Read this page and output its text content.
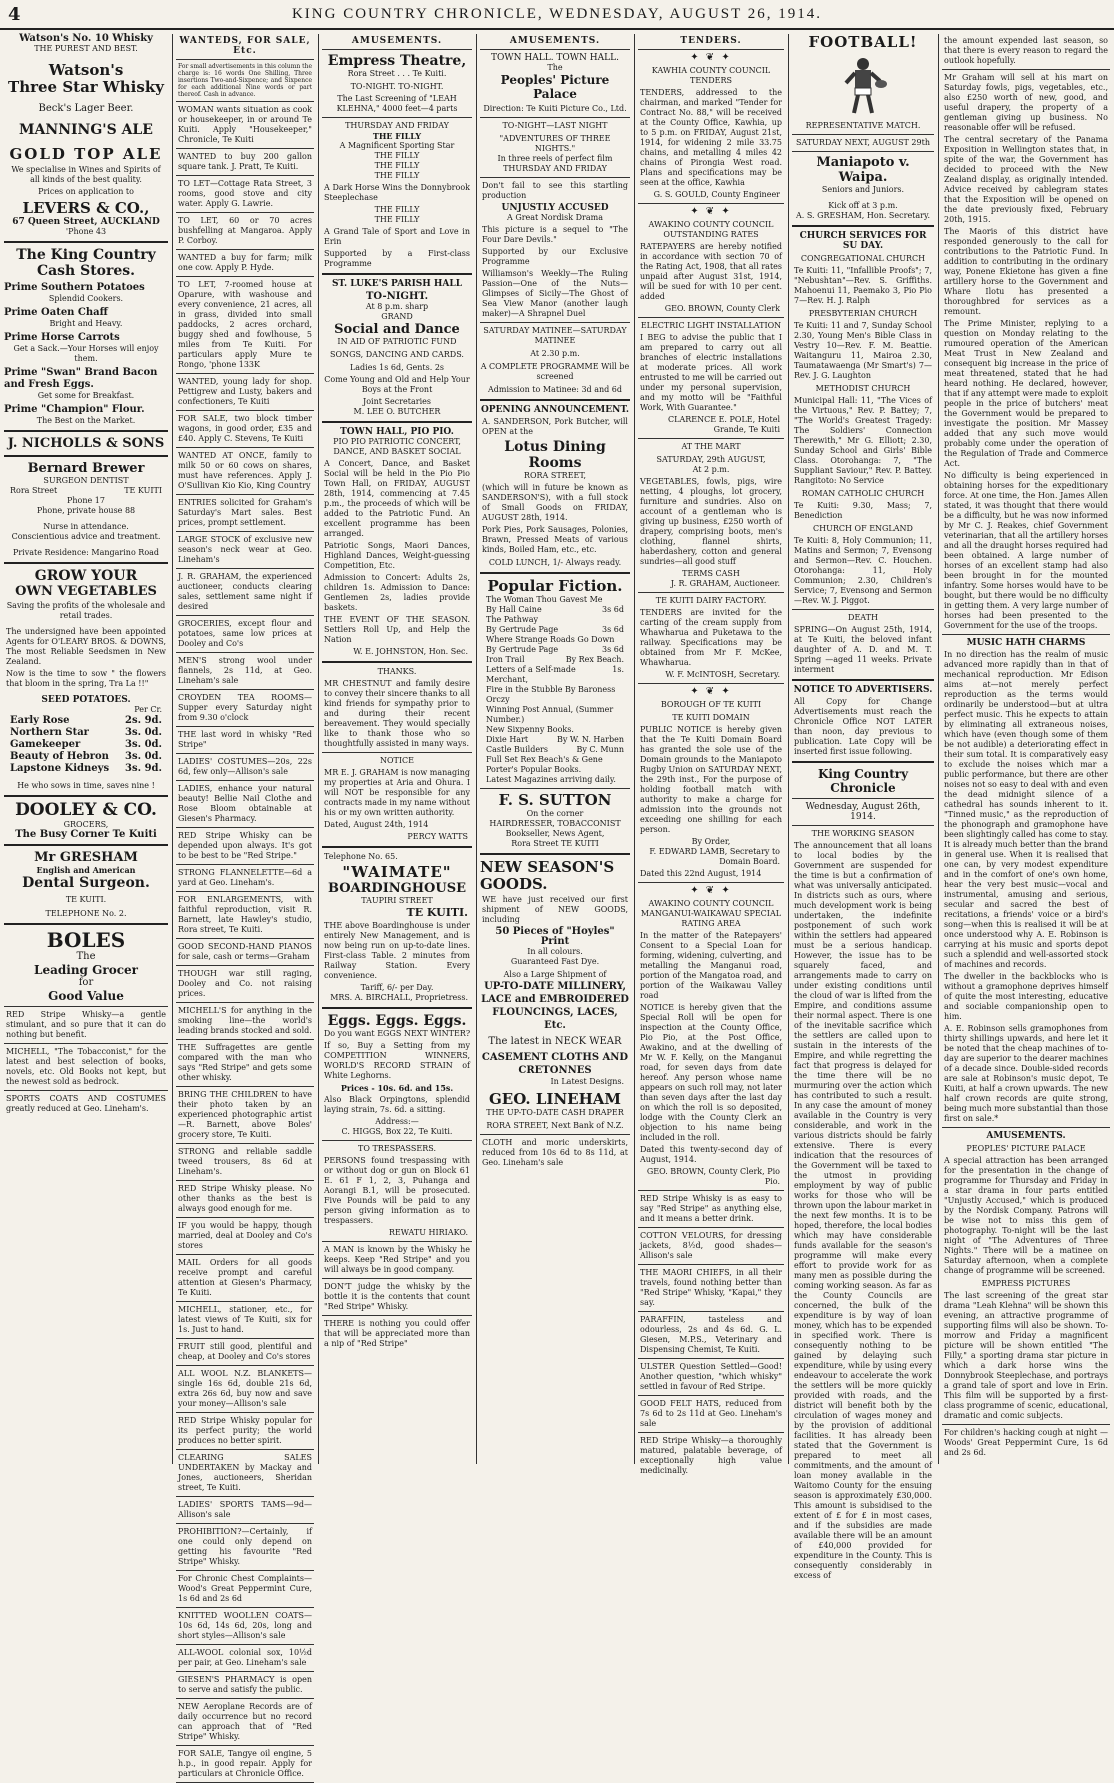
4	KING COUNTRY CHRONICLE, WEDNESDAY, AUGUST 26, 1914.
Watson's No. 10 Whisky
THE PUREST AND BEST.
Watson's
Three Star Whisky
Beck's Lager Beer.
MANNING'S ALE
GOLD TOP ALE
We specialise in Wines and Spirits of all kinds of the best quality.
Prices on application to
LEVERS & CO.,
67 Queen Street, AUCKLAND
'Phone 43
The King Country
Cash Stores.
Prime Southern Potatoes
Splendid Cookers.
Prime Oaten Chaff
Bright and Heavy.
Prime Horse Carrots
Get a Sack.—Your Horses will enjoy them.
Prime "Swan" Brand Bacon and Fresh Eggs.
Get some for Breakfast.
Prime "Champion" Flour.
The Best on the Market.
J. NICHOLLS & SONS
Bernard Brewer
SURGEON DENTIST
Rora Street	TE KUITI
Phone 17
Phone, private house 88
Nurse in attendance.
Conscientious advice and treatment.
Private Residence: Mangarino Road
GROW YOUR
OWN VEGETABLES
Saving the profits of the wholesale and retail trades.
The undersigned have been appointed Agents for O'LEARY BROS. & DOWNS, The most Reliable Seedsmen in New Zealand.
Now is the time to sow " the flowers that bloom in the spring, Tra La !!"
SEED POTATOES.
Per Cr.
Early Rose	2s. 9d.
Northern Star	3s. 0d.
Gamekeeper	3s. 0d.
Beauty of Hebron 3s. 0d.
Lapstone Kidneys 3s. 9d.
He who sows in time, saves nine !
DOOLEY & CO.
GROCERS,
The Busy Corner Te Kuiti
Mr GRESHAM
English and American
Dental Surgeon.
TE KUITI.
TELEPHONE No. 2.
BOLES
The
Leading Grocer
for
Good Value
RED Stripe Whisky—a gentle stimulant, and so pure that it can do nothing but benefit.
MICHELL, "The Tobacconist," for the latest and best selection of books, novels, etc. Old Books not kept, but the newest sold as bedrock.
SPORTS COATS AND COSTUMES greatly reduced at Geo. Lineham's.
WANTEDS, FOR SALE, Etc.
For small advertisements in this column the charge is: 16 words One Shilling, Three insertions Two-and-Sixpence; and Sixpence for each additional Nine words or part thereof. Cash in advance.
WOMAN wants situation as cook or housekeeper, in or around Te Kuiti. Apply "Housekeeper," Chronicle, Te Kuiti
WANTED to buy 200 gallon square tank. J. Pratt, Te Kuiti.
TO LET—Cottage Rata Street, 3 rooms, good stove and city water. Apply G. Lawrie.
TO LET, 60 or 70 acres bushfelling at Mangaroa. Apply P. Corboy.
WANTED a buy for farm; milk one cow. Apply P. Hyde.
TO LET, 7-roomed house at Oparure, with washouse and every convenience, 21 acres, all in grass, divided into small paddocks, 2 acres orchard, buggy shed and fowlhouse, 5 miles from Te Kuiti. For particulars apply Mure te Rongo, 'phone 133K
WANTED, young lady for shop. Pettigrew and Lusty, bakers and confectioners, Te Kuiti
FOR SALE, two block timber wagons, in good order, £35 and £40. Apply C. Stevens, Te Kuiti
WANTED AT ONCE, family to milk 50 or 60 cows on shares, must have references. Apply J. O'Sullivan Kio Kio, King Country
ENTRIES solicited for Graham's Saturday's Mart sales. Best prices, prompt settlement.
LARGE STOCK of exclusive new season's neck wear at Geo. Lineham's
J. R. GRAHAM, the experienced auctioneer, conducts clearing sales, settlement same night if desired
GROCERIES, except flour and potatoes, same low prices at Dooley and Co's
MEN'S strong wool under flannels, 2s 11d, at Geo. Lineham's sale
CROYDEN TEA ROOMS—Supper every Saturday night from 9.30 o'clock
THE last word in whisky "Red Stripe"
LADIES' COSTUMES—20s, 22s 6d, few only—Allison's sale
LADIES, enhance your natural beauty! Bellie Nail Clothe and Rose Bloom obtainable at Giesen's Pharmacy.
RED Stripe Whisky can be depended upon always. It's got to be best to be "Red Stripe."
STRONG FLANNELETTE—6d a yard at Geo. Lineham's.
FOR ENLARGEMENTS, with faithful reproduction, visit R. Barnett, late Hawley's studio, Rora street, Te Kuiti.
GOOD SECOND-HAND PIANOS for sale, cash or terms—Graham
THOUGH war still raging, Dooley and Co. not raising prices.
MICHELL'S for anything in the smoking line—the world's leading brands stocked and sold.
THE Suffragettes are gentle compared with the man who says "Red Stripe" and gets some other whisky.
BRING THE CHILDREN to have their photo taken by an experienced photographic artist—R. Barnett, above Boles' grocery store, Te Kuiti.
STRONG and reliable saddle tweed trousers, 8s 6d at Lineham's.
RED Stripe Whisky please. No other thanks as the best is always good enough for me.
IF you would be happy, though married, deal at Dooley and Co's stores
MAIL Orders for all goods receive prompt and careful attention at Giesen's Pharmacy, Te Kuiti.
MICHELL, stationer, etc., for latest views of Te Kuiti, six for 1s. Just to hand.
FRUIT still good, plentiful and cheap, at Dooley and Co's stores
ALL WOOL N.Z. BLANKETS—single 16s 6d, double 21s 6d, extra 26s 6d, buy now and save your money—Allison's sale
RED Stripe Whisky popular for its perfect purity; the world produces no better spirit.
CLEARING SALES UNDERTAKEN by Mackay and Jones, auctioneers, Sheridan street, Te Kuiti.
LADIES' SPORTS TAMS—9d—Allison's sale
PROHIBITION?—Certainly, if one could only depend on getting his favourite "Red Stripe" Whisky.
For Chronic Chest Complaints—Wood's Great Peppermint Cure, 1s 6d and 2s 6d
KNITTED WOOLLEN COATS—10s 6d, 14s 6d, 20s, long and short styles—Allison's sale
ALL-WOOL colonial sox, 10½d per pair, at Geo. Lineham's sale
GIESEN'S PHARMACY is open to serve and satisfy the public.
NEW Aeroplane Records are of daily occurrence but no record can approach that of "Red Stripe" Whisky.
FOR SALE, Tangye oil engine, 5 h.p., in good repair. Apply for particulars at Chronicle Office.
AMUSEMENTS.
Empress Theatre,
Rora Street . . . Te Kuiti.
TO-NIGHT. TO-NIGHT.
The Last Screening of "LEAH KLEHNA," 4000 feet—4 parts
THURSDAY AND FRIDAY
THE FILLY
A Magnificent Sporting Star
THE FILLY
THE FILLY
THE FILLY
A Dark Horse Wins the Donnybrook Steeplechase
THE FILLY
THE FILLY
A Grand Tale of Sport and Love in Erin
Supported by a First-class Programme
ST. LUKE'S PARISH HALL
TO-NIGHT.
At 8 p.m. sharp
GRAND
Social and Dance
IN AID OF PATRIOTIC FUND
SONGS, DANCING AND CARDS.
Ladies 1s 6d, Gents. 2s
Come Young and Old and Help Your Boys at the Front
Joint Secretaries
M. LEE O. BUTCHER
TOWN HALL, PIO PIO.
PIO PIO PATRIOTIC CONCERT, DANCE, AND BASKET SOCIAL
A Concert, Dance, and Basket Social will be held in the Pio Pio Town Hall, on FRIDAY, AUGUST 28th, 1914, commencing at 7.45 p.m., the proceeds of which will be added to the Patriotic Fund. An excellent programme has been arranged.
Patriotic Songs, Maori Dances, Highland Dances, Weight-guessing Competition, Etc.
Admission to Concert: Adults 2s, children 1s. Admission to Dance: Gentlemen 2s, ladies provide baskets.
THE EVENT OF THE SEASON. Settlers Roll Up, and Help the Nation
W. E. JOHNSTON, Hon. Sec.
THANKS.
MR CHESTNUT and family desire to convey their sincere thanks to all kind friends for sympathy prior to and during their recent bereavement. They would specially like to thank those who so thoughtfully assisted in many ways.
NOTICE
MR E. J. GRAHAM is now managing my properties at Aria and Ohura. I will NOT be responsible for any contracts made in my name without his or my own written authority.
Dated, August 24th, 1914
PERCY WATTS
Telephone No. 65.
"WAIMATE"
BOARDINGHOUSE
TAUPIRI STREET
TE KUITI.
THE above Boardinghouse is under entirely New Management, and is now being run on up-to-date lines. First-class Table. 2 minutes from Railway Station. Every convenience.
Tariff, 6/- per Day.
MRS. A. BIRCHALL, Proprietress.
Eggs. Eggs. Eggs.
Do you want EGGS NEXT WINTER?
If so, Buy a Setting from my COMPETITION WINNERS, WORLD'S RECORD STRAIN of White Leghorns.
Prices - 10s. 6d. and 15s.
Also Black Orpingtons, splendid laying strain, 7s. 6d. a sitting.
Address:—
C. HIGGS, Box 22, Te Kuiti.
TO TRESPASSERS.
PERSONS found trespassing with or without dog or gun on Block 61 E. 61 F 1, 2, 3, Puhanga and Aorangi B.1, will be prosecuted. Five Pounds will be paid to any person giving information as to trespassers.
REWATU HIRIAKO.
A MAN is known by the Whisky he keeps. Keep "Red Stripe" and you will always be in good company.
DON'T judge the whisky by the bottle it is the contents that count "Red Stripe" Whisky.
THERE is nothing you could offer that will be appreciated more than a nip of "Red Stripe"
AMUSEMENTS.
TOWN HALL. TOWN HALL.
The
Peoples' Picture Palace
Direction: Te Kuiti Picture Co., Ltd.
TO-NIGHT—LAST NIGHT
"ADVENTURES OF THREE NIGHTS."
In three reels of perfect film
THURSDAY AND FRIDAY
Don't fail to see this startling production
UNJUSTLY ACCUSED
A Great Nordisk Drama
This picture is a sequel to "The Four Dare Devils."
Supported by our Exclusive Programme
Williamson's Weekly—The Ruling Passion—One of the Nuts—Glimpses of Sicily—The Ghost of Sea View Manor (another laugh maker)—A Shrapnel Duel
SATURDAY MATINEE—SATURDAY MATINEE
At 2.30 p.m.
A COMPLETE PROGRAMME Will be screened
Admission to Matinee: 3d and 6d
OPENING ANNOUNCEMENT.
A. SANDERSON, Pork Butcher, will OPEN at the
Lotus Dining Rooms
RORA STREET,
(which will in future be known as SANDERSON'S), with a full stock of Small Goods on FRIDAY, AUGUST 28th, 1914.
Pork Pies, Pork Sausages, Polonies, Brawn, Pressed Meats of various kinds, Boiled Ham, etc., etc.
COLD LUNCH, 1/- Always ready.
Popular Fiction.
The Woman Thou Gavest Me
By Hall Caine	3s 6d
The Pathway
By Gertrude Page	3s 6d
Where Strange Roads Go Down
By Gertrude Page	3s 6d
Iron Trail	By Rex Beach.
Letters of a Self-made Merchant,
1s.
Fire in the Stubble By Baroness Orczy
Winning Post Annual, (Summer Number.)
New Sixpenny Books.
Dixie Hart	By W. N. Harben
Castle Builders	By C. Munn
Full Set Rex Beach's & Gene Porter's Popular Books.
Latest Magazines arriving daily.
F. S. SUTTON
On the corner
HAIRDRESSER, TOBACCONIST
Bookseller, News Agent,
Rora Street TE KUITI
NEW SEASON'S
GOODS.
WE have just received our first shipment of NEW GOODS, including
50 Pieces of "Hoyles" Print
In all colours.
Guaranteed Fast Dye.
Also a Large Shipment of
UP-TO-DATE MILLINERY, LACE and EMBROIDERED FLOUNCINGS, LACES, Etc.
The latest in NECK WEAR
CASEMENT CLOTHS AND CRETONNES
In Latest Designs.
GEO. LINEHAM
THE UP-TO-DATE CASH DRAPER
RORA STREET, Next Bank of N.Z.
CLOTH and moric underskirts, reduced from 10s 6d to 8s 11d, at Geo. Lineham's sale
TENDERS.
✦ ❦ ✦
KAWHIA COUNTY COUNCIL
TENDERS
TENDERS, addressed to the chairman, and marked "Tender for Contract No. 88," will be received at the County Office, Kawhia, up to 5 p.m. on FRIDAY, August 21st, 1914, for widening 2 mile 33.75 chains, and metalling 4 miles 42 chains of Pirongia West road. Plans and specifications may be seen at the office, Kawhia
G. S. GOULD, County Engineer
✦ ❦ ✦
AWAKINO COUNTY COUNCIL
OUTSTANDING RATES
RATEPAYERS are hereby notified in accordance with section 70 of the Rating Act, 1908, that all rates unpaid after August 31st, 1914, will be sued for with 10 per cent. added
GEO. BROWN, County Clerk
ELECTRIC LIGHT INSTALLATION
I BEG to advise the public that I am prepared to carry out all branches of electric installations at moderate prices. All work entrusted to me will be carried out under my personal supervision, and my motto will be "Faithful Work, With Guarantee."
CLARENCE E. POLE, Hotel Grande, Te Kuiti
AT THE MART
SATURDAY, 29th AUGUST,
At 2 p.m.
VEGETABLES, fowls, pigs, wire netting, 4 ploughs, lot grocery, furniture and sundries. Also on account of a gentleman who is giving up business, £250 worth of drapery, comprising boots, men's clothing, flannel shirts, haberdashery, cotton and general sundries—all good stuff
TERMS CASH
J. R. GRAHAM, Auctioneer.
TE KUITI DAIRY FACTORY.
TENDERS are invited for the carting of the cream supply from Whawharua and Puketawa to the railway. Specifications may be obtained from Mr F. McKee, Whawharua.
W. F. McINTOSH, Secretary.
✦ ❦ ✦
BOROUGH OF TE KUITI
TE KUITI DOMAIN
PUBLIC NOTICE is hereby given that the Te Kuiti Domain Board has granted the sole use of the Domain grounds to the Maniapoto Rugby Union on SATURDAY NEXT, the 29th inst., For the purpose of holding football match with authority to make a charge for admission into the grounds not exceeding one shilling for each person.
By Order,
F. EDWARD LAMB, Secretary to Domain Board.
Dated this 22nd August, 1914
✦ ❦ ✦
AWAKINO COUNTY COUNCIL
MANGANUI-WAIKAWAU SPECIAL RATING AREA
In the matter of the Ratepayers' Consent to a Special Loan for forming, widening, culverting, and metalling the Manganui road, portion of the Mangatoa road, and portion of the Waikawau Valley road
NOTICE is hereby given that the Special Roll will be open for inspection at the County Office, Pio Pio, at the Post Office, Awakino, and at the dwelling of Mr W. F. Kelly, on the Manganui road, for seven days from date hereof. Any person whose name appears on such roll may, not later than seven days after the last day on which the roll is so deposited, lodge with the County Clerk an objection to his name being included in the roll.
Dated this twenty-second day of August, 1914.
GEO. BROWN, County Clerk, Pio Pio.
RED Stripe Whisky is as easy to say "Red Stripe" as anything else, and it means a better drink.
COTTON VELOURS, for dressing jackets, 8½d, good shades—Allison's sale
THE MAORI CHIEFS, in all their travels, found nothing better than "Red Stripe" Whisky, "Kapai," they say.
PARAFFIN, tasteless and odourless, 2s and 4s 6d. G. L. Giesen, M.P.S., Veterinary and Dispensing Chemist, Te Kuiti.
ULSTER Question Settled—Good! Another question, "which whisky" settled in favour of Red Stripe.
GOOD FELT HATS, reduced from 7s 6d to 2s 11d at Geo. Lineham's sale
RED Stripe Whisky—a thoroughly matured, palatable beverage, of exceptionally high value medicinally.
FOOTBALL!
REPRESENTATIVE MATCH.
SATURDAY NEXT, AUGUST 29th
Maniapoto v. Waipa.
Seniors and Juniors.
Kick off at 3 p.m.
A. S. GRESHAM, Hon. Secretary.
CHURCH SERVICES FOR SU DAY.
CONGREGATIONAL CHURCH
Te Kuiti: 11, "Infallible Proofs"; 7, "Nebushtan"—Rev. S. Griffiths. Mahoenui 11, Paemako 3, Pio Pio 7—Rev. H. J. Ralph
PRESBYTERIAN CHURCH
Te Kuiti: 11 and 7, Sunday School 2.30, Young Men's Bible Class in Vestry 10—Rev. F. M. Beattie. Waitanguru 11, Mairoa 2.30, Taumatawaenga (Mr Smart's) 7—Rev. J. G. Laughton
METHODIST CHURCH
Municipal Hall: 11, "The Vices of the Virtuous," Rev. P. Battey; 7, "The World's Greatest Tragedy: The Soldiers' Connection Therewith," Mr G. Elliott; 2.30, Sunday School and Girls' Bible Class. Otorohanga: 7, "The Suppliant Saviour," Rev. P. Battey. Rangitoto: No Service
ROMAN CATHOLIC CHURCH
Te Kuiti: 9.30, Mass; 7, Benediction
CHURCH OF ENGLAND
Te Kuiti: 8, Holy Communion; 11, Matins and Sermon; 7, Evensong and Sermon—Rev. C. Houchen. Otorohanga: 11, Holy Communion; 2.30, Children's Service; 7, Evensong and Sermon—Rev. W. J. Piggot.
DEATH
SPRING—On August 25th, 1914, at Te Kuiti, the beloved infant daughter of A. D. and M. T. Spring —aged 11 weeks. Private interment
NOTICE TO ADVERTISERS.
All Copy for Change Advertisements must reach the Chronicle Office NOT LATER than noon, day previous to publication. Late Copy will be inserted first issue following.
King Country Chronicle
Wednesday, August 26th, 1914.
THE WORKING SEASON
The announcement that all loans to local bodies by the Government are suspended for the time is but a confirmation of what was universally anticipated. In districts such as ours, where much development work is being undertaken, the indefinite postponement of such work within the settlers had appeared must be a serious handicap. However, the issue has to be squarely faced, and arrangements made to carry on under existing conditions until the cloud of war is lifted from the Empire, and conditions assume their normal aspect. There is one of the inevitable sacrifice which the settlers are called upon to sustain in the interests of the Empire, and while regretting the fact that progress is delayed for the time there will be no murmuring over the action which has contributed to such a result. In any case the amount of money available in the Country is very considerable, and work in the various districts should be fairly extensive. There is every indication that the resources of the Government will be taxed to the utmost in providing employment by way of public works for those who will be thrown upon the labour market in the next few months. It is to be hoped, therefore, the local bodies which may have considerable funds available for the season's programme will make every effort to provide work for as many men as possible during the coming working season. As far as the County Councils are concerned, the bulk of the expenditure is by way of loan money, which has to be expended in specified work. There is consequently nothing to be gained by delaying such expenditure, while by using every endeavour to accelerate the work the settlers will be more quickly provided with roads, and the district will benefit both by the circulation of wages money and by the provision of additional facilities. It has already been stated that the Government is prepared to meet all commitments, and the amount of loan money available in the Waitomo County for the ensuing season is approximately £30,000. This amount is subsidised to the extent of £ for £ in most cases, and if the subsidies are made available there will be an amount of £40,000 provided for expenditure in the County. This is consequently considerably in excess of
the amount expended last season, so that there is every reason to regard the outlook hopefully.
Mr Graham will sell at his mart on Saturday fowls, pigs, vegetables, etc., also £250 worth of new, good, and useful drapery, the property of a gentleman giving up business. No reasonable offer will be refused.
The central secretary of the Panama Exposition in Wellington states that, in spite of the war, the Government has decided to proceed with the New Zealand display, as originally intended. Advice received by cablegram states that the Exposition will be opened on the date previously fixed, February 20th, 1915.
The Maoris of this district have responded generously to the call for contributions to the Patriotic Fund. In addition to contributing in the ordinary way, Ponene Ekietone has given a fine artillery horse to the Government and Whare Ilotu has presented a thoroughbred for services as a remount.
The Prime Minister, replying to a question on Monday relating to the rumoured operation of the American Meat Trust in New Zealand and consequent big increase in the price of meat threatened, stated that he had heard nothing. He declared, however, that if any attempt were made to exploit people in the price of butchers' meat the Government would be prepared to investigate the position. Mr Massey added that any such move would probably come under the operation of the Regulation of Trade and Commerce Act.
No difficulty is being experienced in obtaining horses for the expeditionary force. At one time, the Hon. James Allen stated, it was thought that there would be a difficulty, but he was now informed by Mr C. J. Reakes, chief Government veterinarian, that all the artillery horses and all the draught horses required had been obtained. A large number of horses of an excellent stamp had also been brought in for the mounted infantry. Some horses would have to be bought, but there would be no difficulty in getting them. A very large number of horses had been presented to the Government for the use of the troops.
MUSIC HATH CHARMS
In no direction has the realm of music advanced more rapidly than in that of mechanical reproduction. Mr Edison aims at—not merely perfect reproduction as the terms would ordinarily be understood—but at ultra perfect music. This he expects to attain by eliminating all extraneous noises, which have (even though some of them be not audible) a deteriorating effect in their sum total. It is comparatively easy to exclude the noises which mar a public performance, but there are other noises not so easy to deal with and even the dead midnight silence of a cathedral has sounds inherent to it. "Tinned music," as the reproduction of the phonograph and gramophone have been slightingly called has come to stay. It is already much better than the brand in general use. When it is realised that one can, by very modest expenditure and in the comfort of one's own home, hear the very best music—vocal and instrumental, amusing and serious, secular and sacred the best of recitations, a friends' voice or a bird's song—when this is realised it will be at once understood why A. E. Robinson is carrying at his music and sports depot such a splendid and well-assorted stock of machines and records.
The dweller in the backblocks who is without a gramophone deprives himself of quite the most interesting, educative and sociable companionship open to him.
A. E. Robinson sells gramophones from thirty shillings upwards, and here let it be noted that the cheap machines of to-day are superior to the dearer machines of a decade since. Double-sided records are sale at Robinson's music depot, Te Kuiti, at half a crown upwards. The new half crown records are quite strong, being much more substantial than those first on sale.*
AMUSEMENTS.
PEOPLES' PICTURE PALACE
A special attraction has been arranged for the presentation in the change of programme for Thursday and Friday in a star drama in four parts entitled "Unjustly Accused," which is produced by the Nordisk Company. Patrons will be wise not to miss this gem of photography. To-night will be the last night of "The Adventures of Three Nights." There will be a matinee on Saturday afternoon, when a complete change of programme will be screened.
EMPRESS PICTURES
The last screening of the great star drama "Leah Klehna" will be shown this evening, an attractive programme of supporting films will also be shown. To-morrow and Friday a magnificent picture will be shown entitled "The Filly," a sporting drama star picture in which a dark horse wins the Donnybrook Steeplechase, and portrays a grand tale of sport and love in Erin. This film will be supported by a first-class programme of scenic, educational, dramatic and comic subjects.
For children's hacking cough at night — Woods' Great Peppermint Cure, 1s 6d and 2s 6d.
